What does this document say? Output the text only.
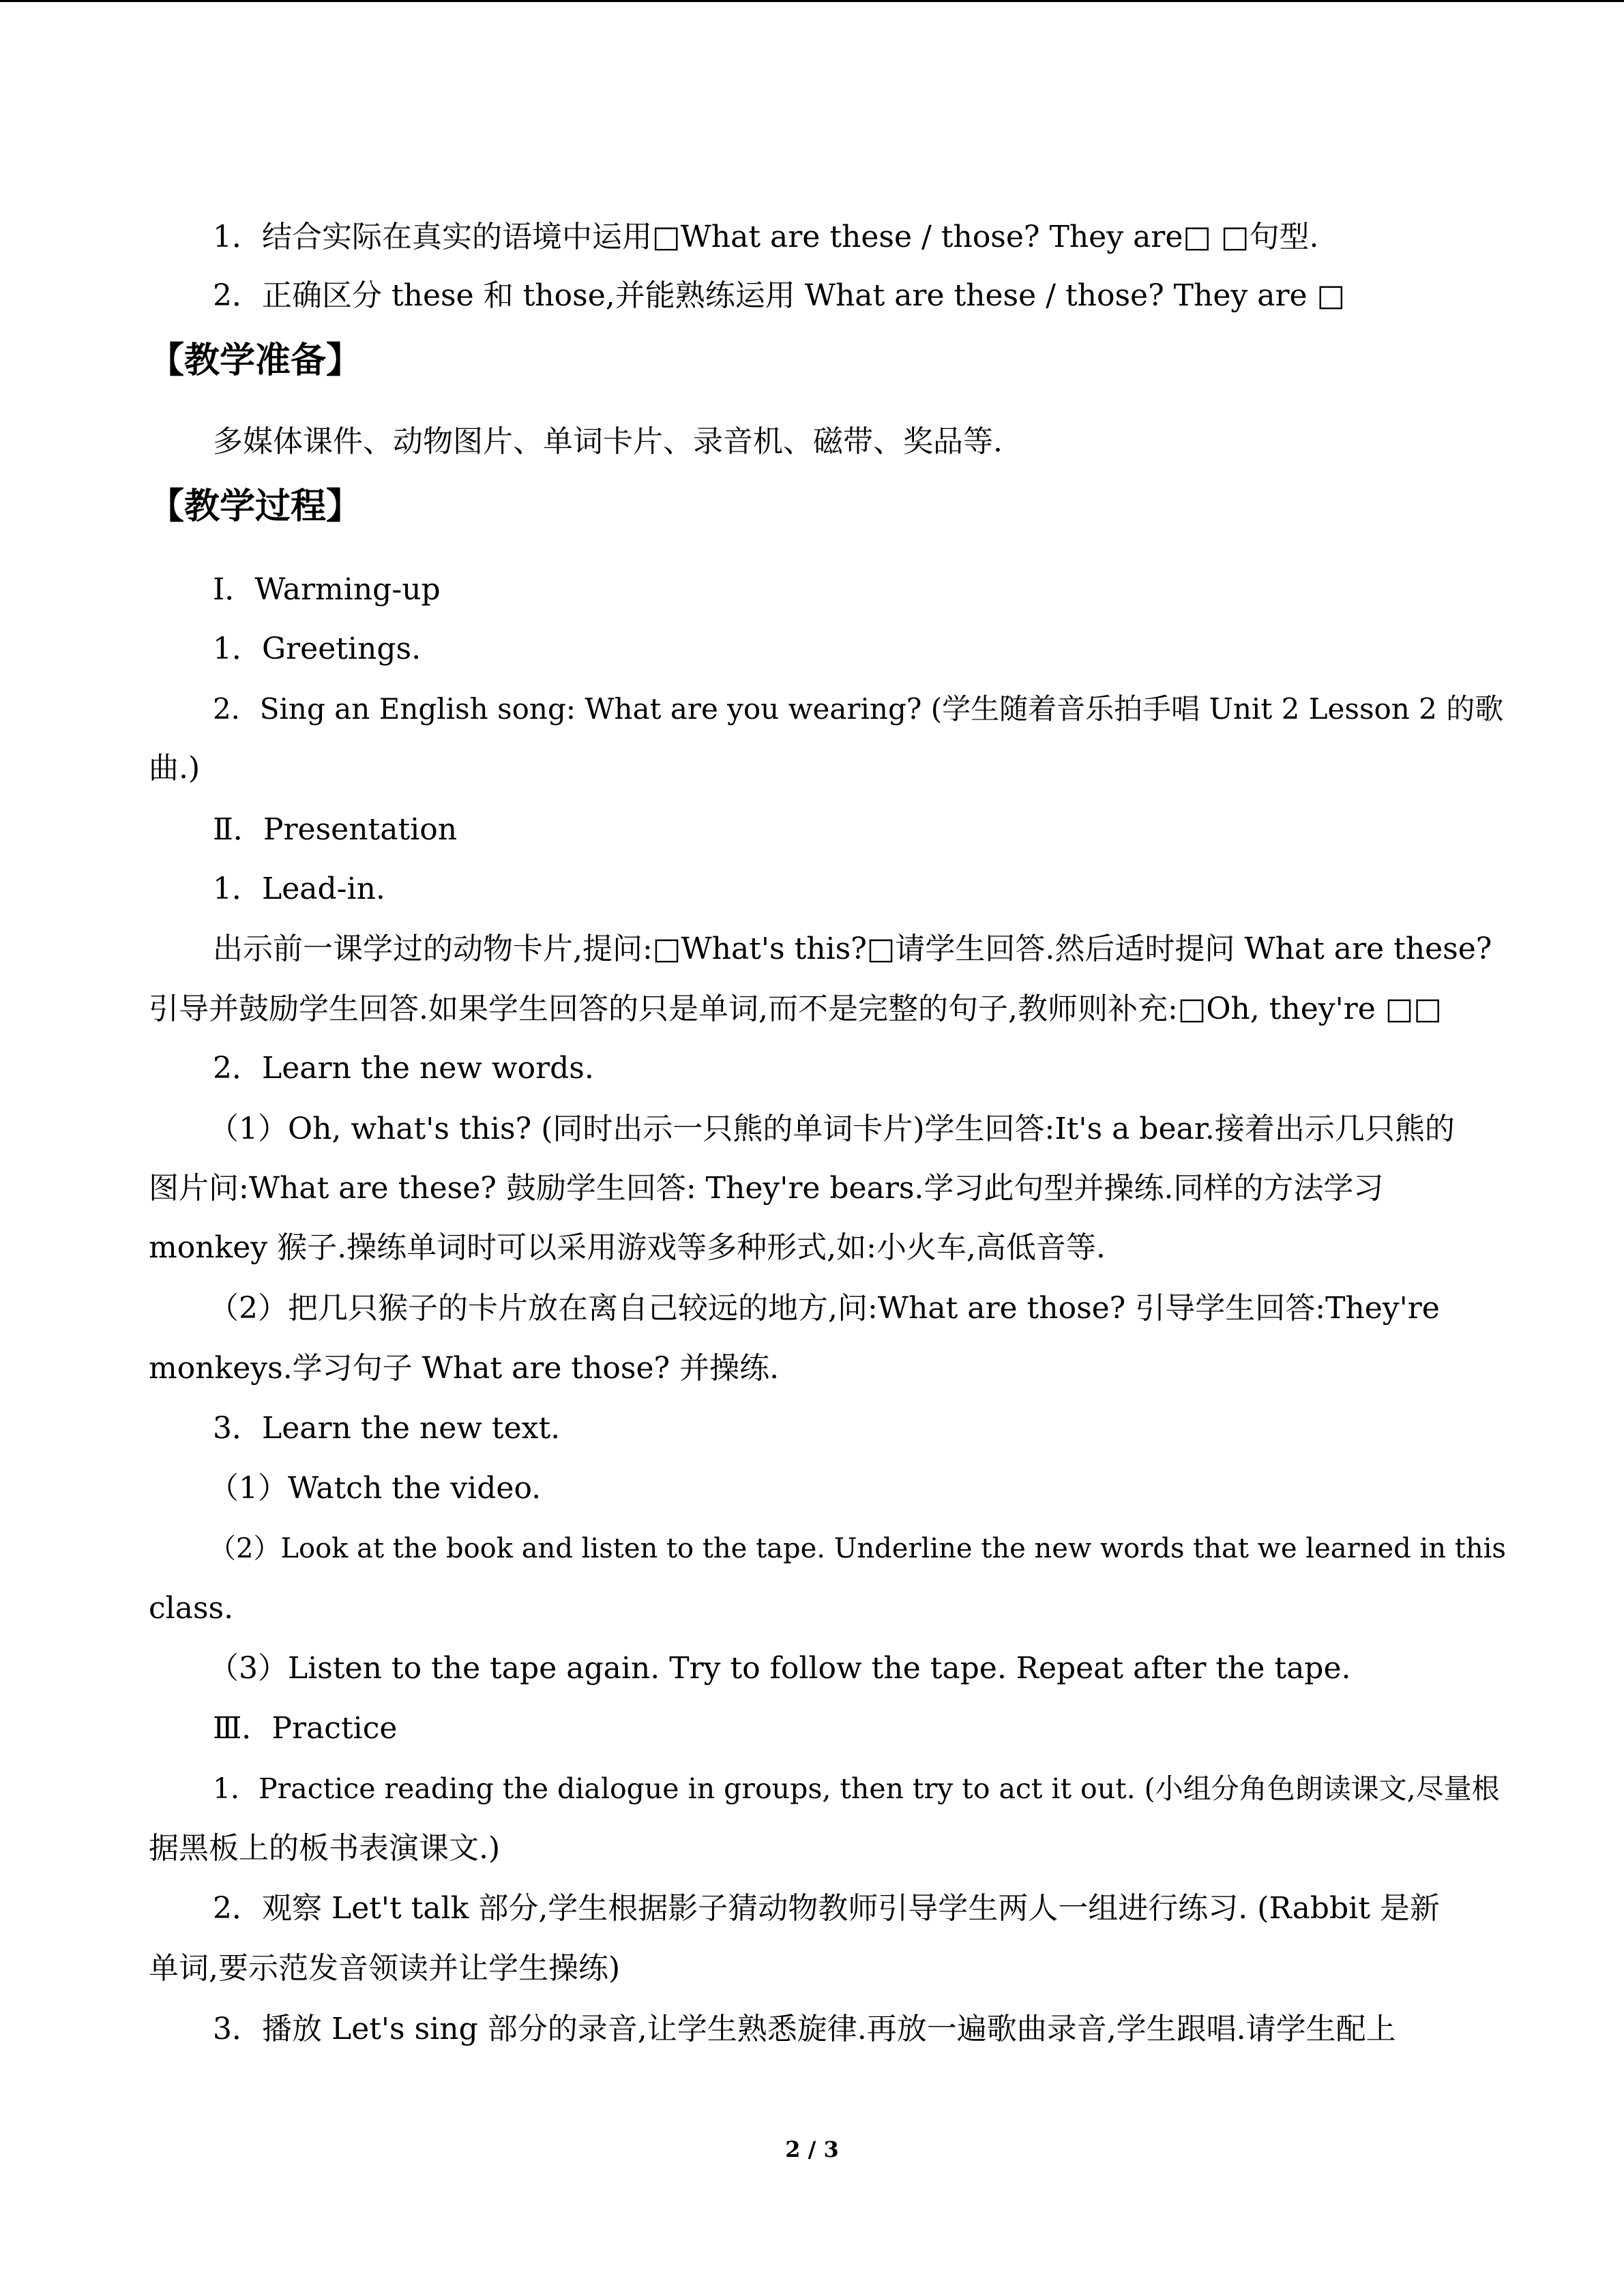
1．结合实际在真实的语境中运用□What are these / those? They are□ □句型.
2．正确区分 these 和 those,并能熟练运用 What are these / those? They are □
【教学准备】
多媒体课件、动物图片、单词卡片、录音机、磁带、奖品等.
【教学过程】
Ⅰ．Warming-up
1．Greetings.
2．Sing an English song: What are you wearing? (学生随着音乐拍手唱 Unit 2 Lesson 2 的歌
曲.)
Ⅱ．Presentation
1．Lead-in.
出示前一课学过的动物卡片,提问:□What's this?□请学生回答.然后适时提问 What are these?
引导并鼓励学生回答.如果学生回答的只是单词,而不是完整的句子,教师则补充:□Oh, they're □□
2．Learn the new words.
（1）Oh, what's this? (同时出示一只熊的单词卡片)学生回答:It's a bear.接着出示几只熊的
图片问:What are these? 鼓励学生回答: They're bears.学习此句型并操练.同样的方法学习
monkey 猴子.操练单词时可以采用游戏等多种形式,如:小火车,高低音等.
（2）把几只猴子的卡片放在离自己较远的地方,问:What are those? 引导学生回答:They're
monkeys.学习句子 What are those? 并操练.
3．Learn the new text.
（1）Watch the video.
（2）Look at the book and listen to the tape. Underline the new words that we learned in this
class.
（3）Listen to the tape again. Try to follow the tape. Repeat after the tape.
Ⅲ．Practice
1．Practice reading the dialogue in groups, then try to act it out. (小组分角色朗读课文,尽量根
据黑板上的板书表演课文.)
2．观察 Let't talk 部分,学生根据影子猜动物教师引导学生两人一组进行练习. (Rabbit 是新
单词,要示范发音领读并让学生操练)
3．播放 Let's sing 部分的录音,让学生熟悉旋律.再放一遍歌曲录音,学生跟唱.请学生配上
2 / 3
